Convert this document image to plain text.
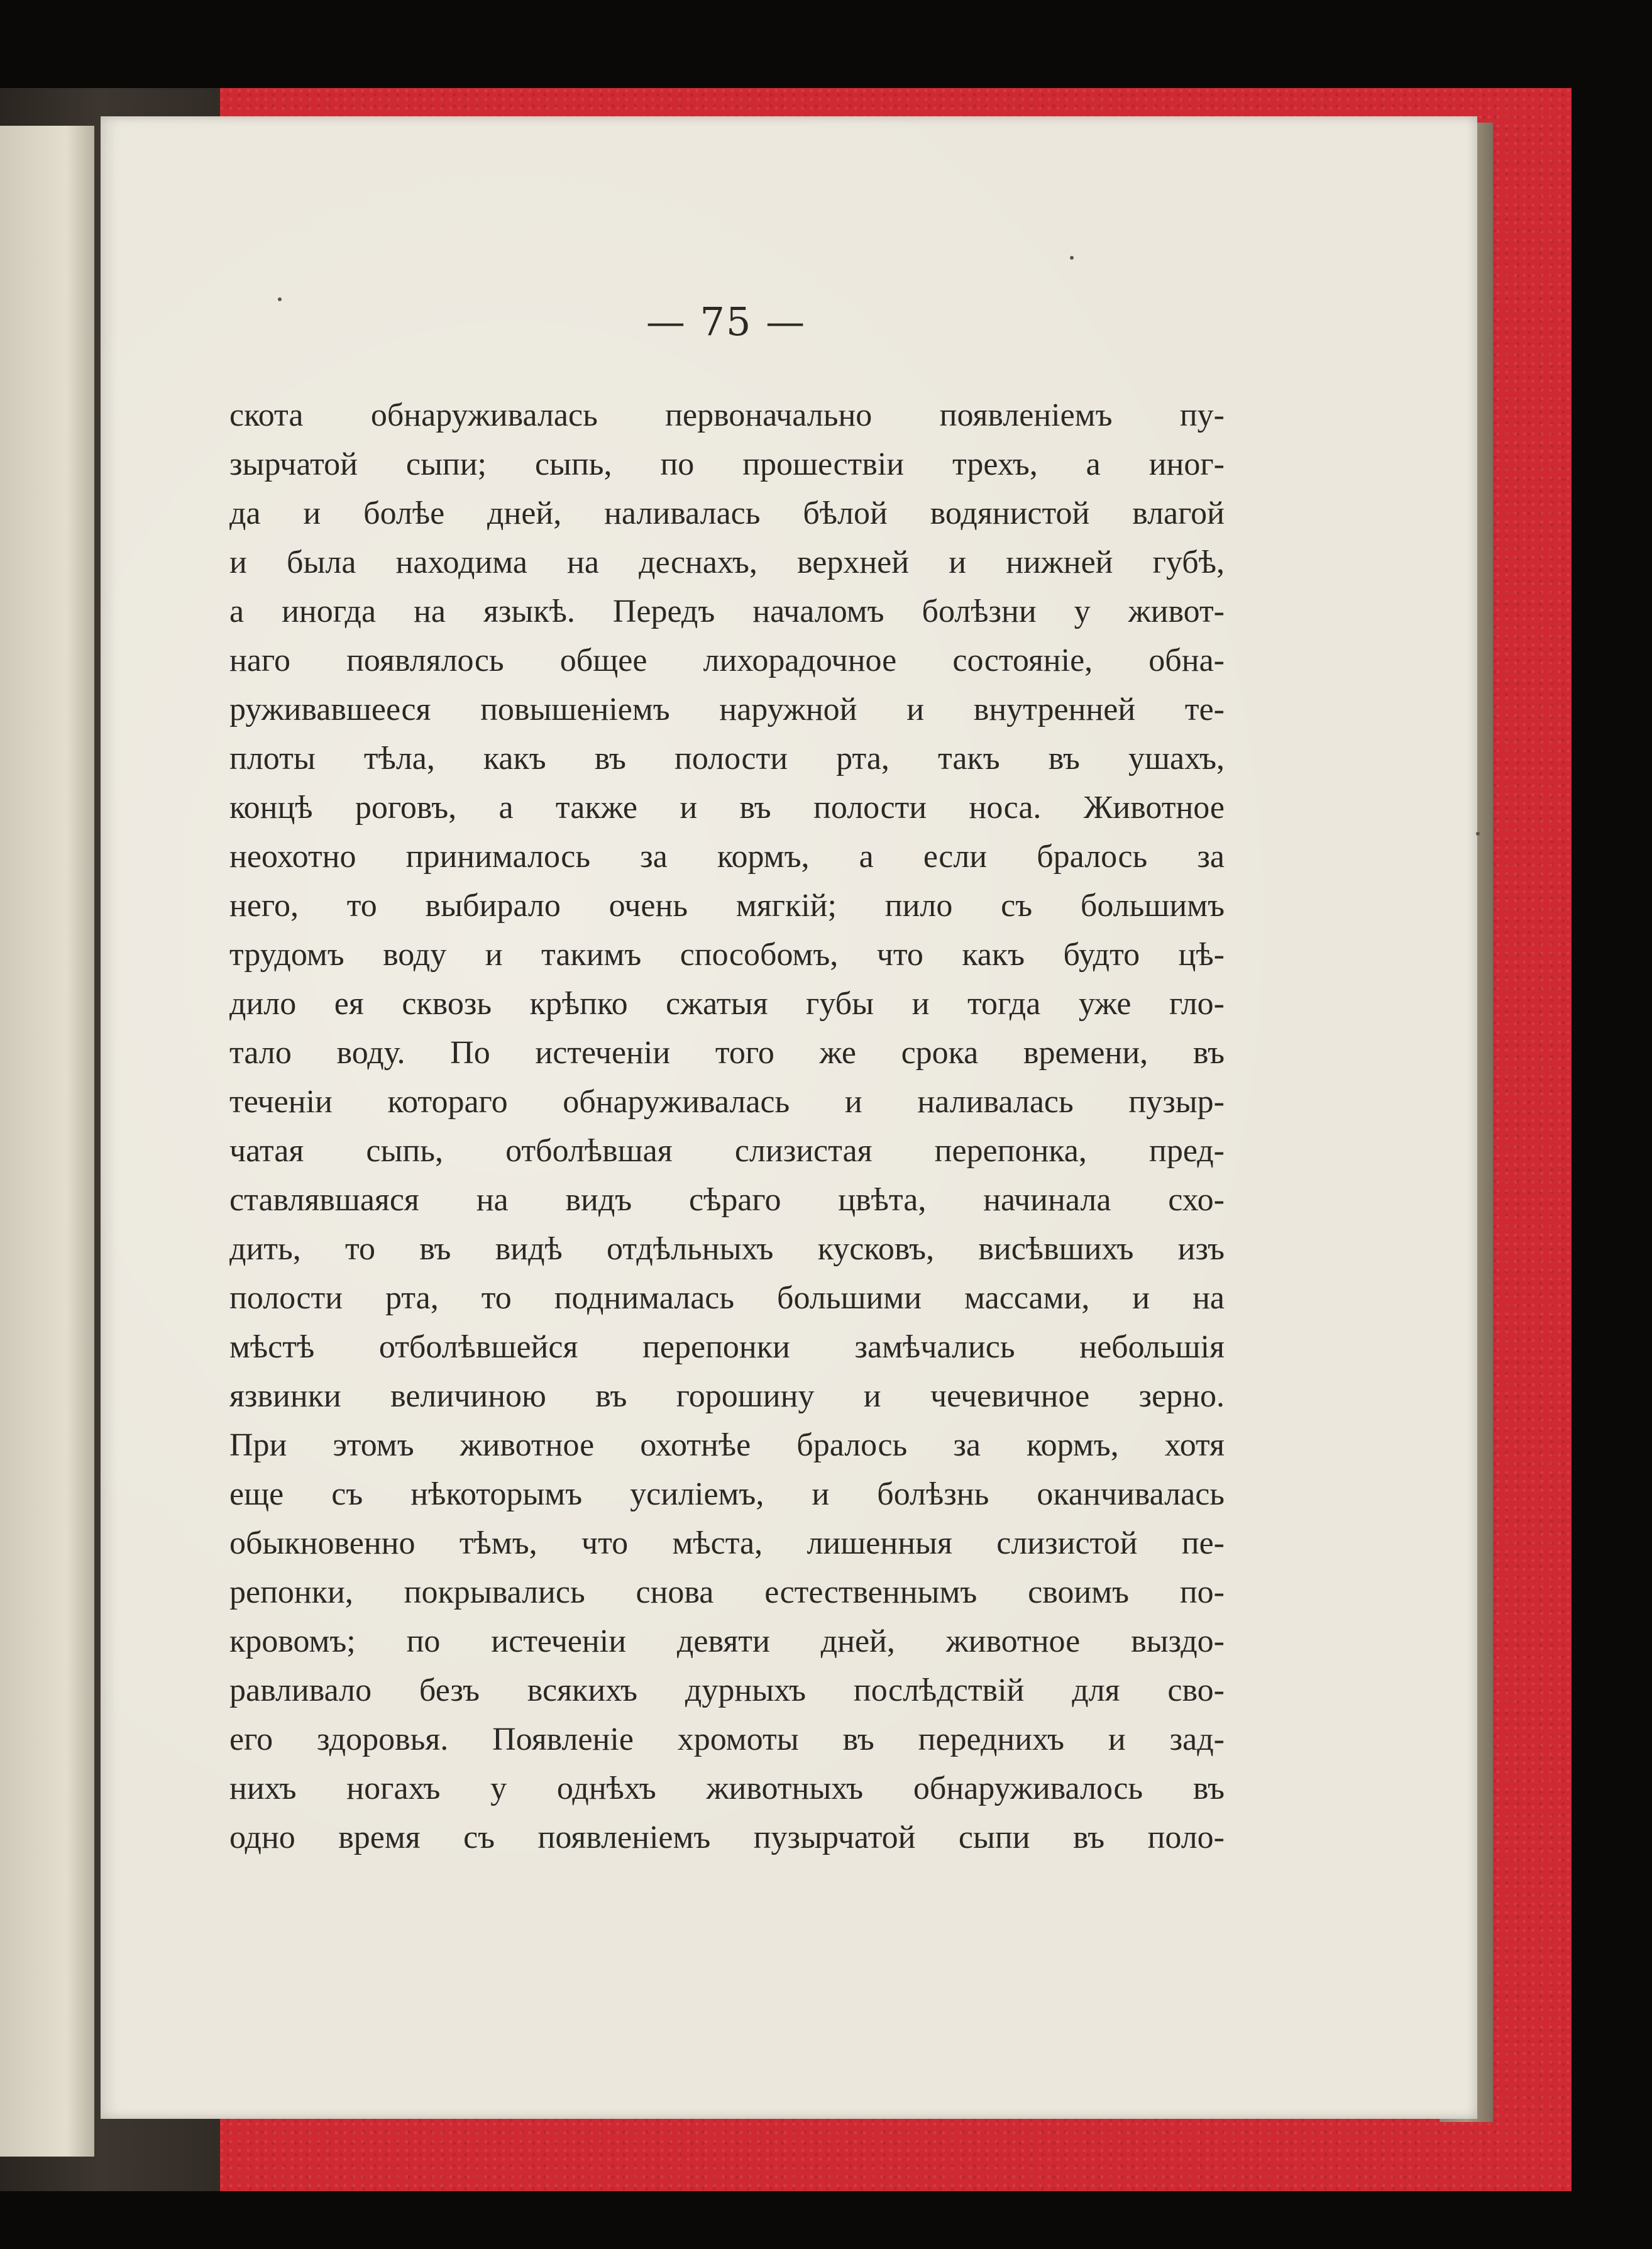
— 75 —
скота обнаруживалась первоначально появленіемъ пу-
зырчатой сыпи; сыпь, по прошествіи трехъ, а иног-
да и болѣе дней, наливалась бѣлой водянистой влагой
и была находима на деснахъ, верхней и нижней губѣ,
а иногда на языкѣ. Передъ началомъ болѣзни у живот-
наго появлялось общее лихорадочное состояніе, обна-
руживавшееся повышеніемъ наружной и внутренней те-
плоты тѣла, какъ въ полости рта, такъ въ ушахъ,
концѣ роговъ, а также и въ полости носа. Животное
неохотно принималось за кормъ, а если бралось за
него, то выбирало очень мягкій; пило съ большимъ
трудомъ воду и такимъ способомъ, что какъ будто цѣ-
дило ея сквозь крѣпко сжатыя губы и тогда уже гло-
тало воду. По истеченіи того же срока времени, въ
теченіи котораго обнаруживалась и наливалась пузыр-
чатая сыпь, отболѣвшая слизистая перепонка, пред-
ставлявшаяся на видъ сѣраго цвѣта, начинала схо-
дить, то въ видѣ отдѣльныхъ кусковъ, висѣвшихъ изъ
полости рта, то поднималась большими массами, и на
мѣстѣ отболѣвшейся перепонки замѣчались небольшія
язвинки величиною въ горошину и чечевичное зерно.
При этомъ животное охотнѣе бралось за кормъ, хотя
еще съ нѣкоторымъ усиліемъ, и болѣзнь оканчивалась
обыкновенно тѣмъ, что мѣста, лишенныя слизистой пе-
репонки, покрывались снова естественнымъ своимъ по-
кровомъ; по истеченіи девяти дней, животное выздо-
равливало безъ всякихъ дурныхъ послѣдствій для сво-
его здоровья. Появленіе хромоты въ переднихъ и зад-
нихъ ногахъ у однѣхъ животныхъ обнаруживалось въ
одно время съ появленіемъ пузырчатой сыпи въ поло-
